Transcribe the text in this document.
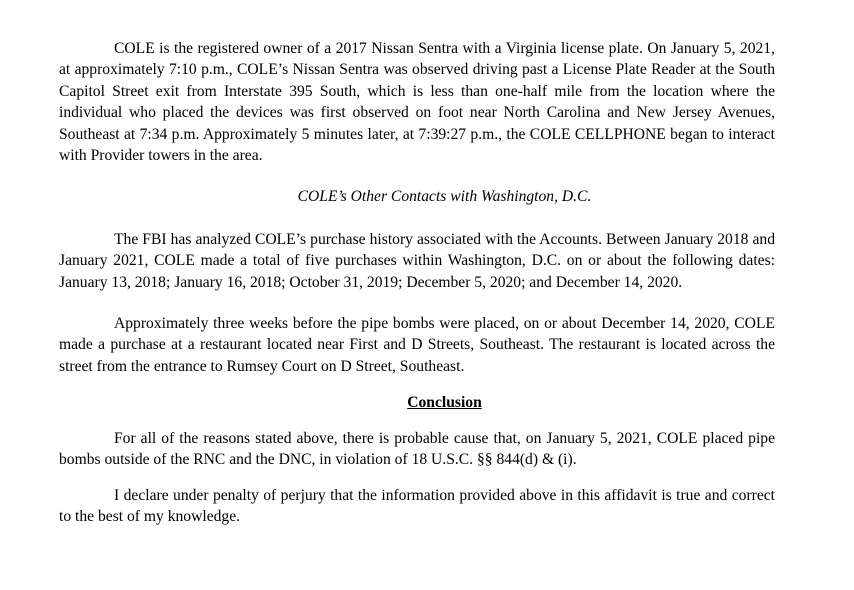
COLE is the registered owner of a 2017 Nissan Sentra with a Virginia license plate. On January 5, 2021, at approximately 7:10 p.m., COLE’s Nissan Sentra was observed driving past a License Plate Reader at the South Capitol Street exit from Interstate 395 South, which is less than one-half mile from the location where the individual who placed the devices was first observed on foot near North Carolina and New Jersey Avenues, Southeast at 7:34 p.m. Approximately 5 minutes later, at 7:39:27 p.m., the COLE CELLPHONE began to interact with Provider towers in the area.

COLE’s Other Contacts with Washington, D.C.

The FBI has analyzed COLE’s purchase history associated with the Accounts. Between January 2018 and January 2021, COLE made a total of five purchases within Washington, D.C. on or about the following dates: January 13, 2018; January 16, 2018; October 31, 2019; December 5, 2020; and December 14, 2020.

Approximately three weeks before the pipe bombs were placed, on or about December 14, 2020, COLE made a purchase at a restaurant located near First and D Streets, Southeast. The restaurant is located across the street from the entrance to Rumsey Court on D Street, Southeast.

Conclusion

For all of the reasons stated above, there is probable cause that, on January 5, 2021, COLE placed pipe bombs outside of the RNC and the DNC, in violation of 18 U.S.C. §§ 844(d) & (i).

I declare under penalty of perjury that the information provided above in this affidavit is true and correct to the best of my knowledge.
